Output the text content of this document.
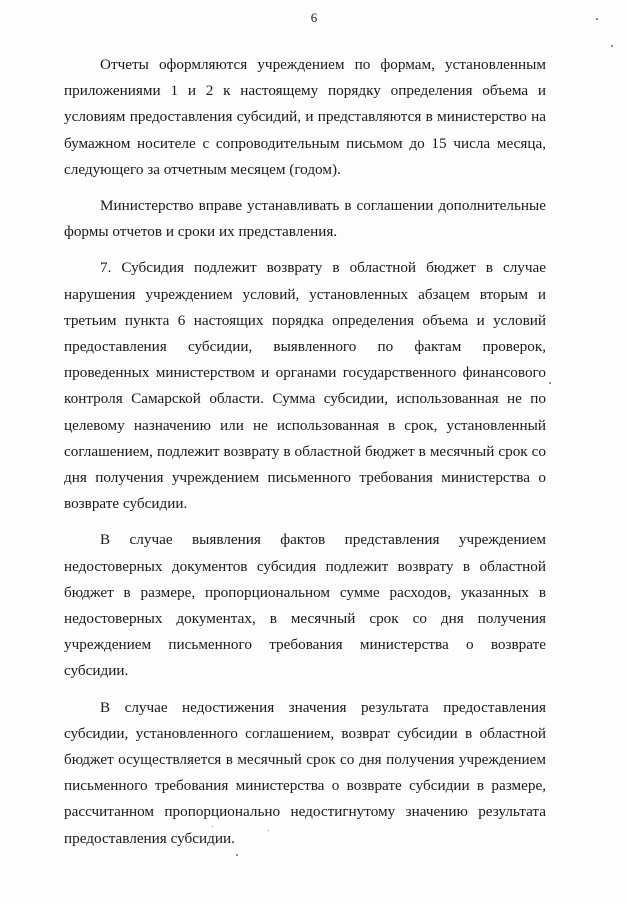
6

Отчеты оформляются учреждением по формам, установленным приложениями 1 и 2 к настоящему порядку определения объема и условиям предоставления субсидий, и представляются в министерство на бумажном носителе с сопроводительным письмом до 15 числа месяца, следующего за отчетным месяцем (годом).

Министерство вправе устанавливать в соглашении дополнительные формы отчетов и сроки их представления.

7. Субсидия подлежит возврату в областной бюджет в случае нарушения учреждением условий, установленных абзацем вторым и третьим пункта 6 настоящих порядка определения объема и условий предоставления субсидии, выявленного по фактам проверок, проведенных министерством и органами государственного финансового контроля Самарской области. Сумма субсидии, использованная не по целевому назначению или не использованная в срок, установленный соглашением, подлежит возврату в областной бюджет в месячный срок со дня получения учреждением письменного требования министерства о возврате субсидии.

В случае выявления фактов представления учреждением недостоверных документов субсидия подлежит возврату в областной бюджет в размере, пропорциональном сумме расходов, указанных в недостоверных документах, в месячный срок со дня получения учреждением письменного требования министерства о возврате субсидии.

В случае недостижения значения результата предоставления субсидии, установленного соглашением, возврат субсидии в областной бюджет осуществляется в месячный срок со дня получения учреждением письменного требования министерства о возврате субсидии в размере, рассчитанном пропорционально недостигнутому значению результата предоставления субсидии.
